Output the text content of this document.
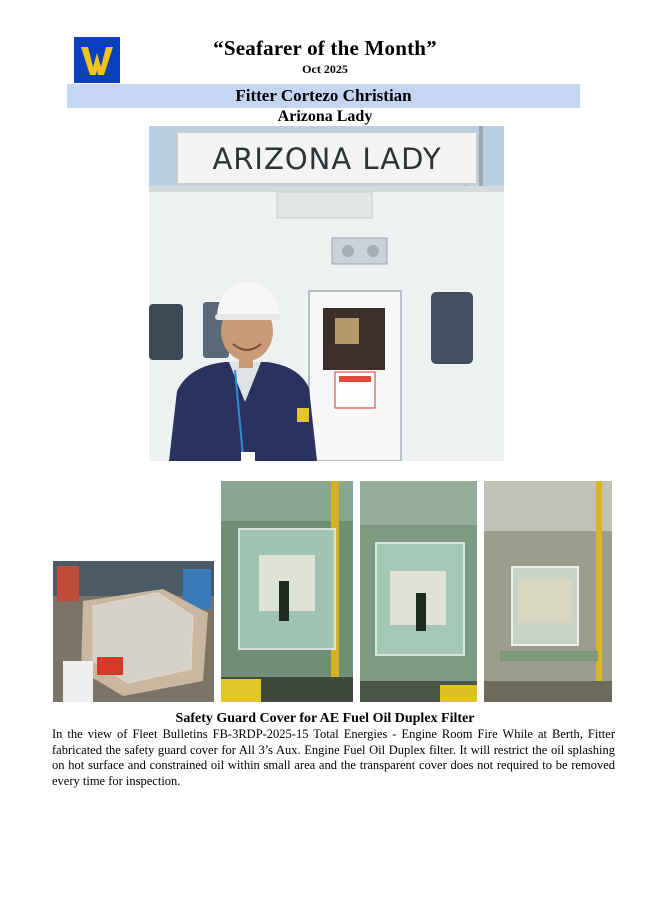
“Seafarer of the Month”
Oct 2025
Fitter Cortezo Christian
Arizona Lady
ARIZONA LADY
Safety Guard Cover for AE Fuel Oil Duplex Filter
In the view of Fleet Bulletins FB-3RDP-2025-15 Total Energies - Engine Room Fire While at Berth, Fitter fabricated the safety guard cover for All 3’s Aux. Engine Fuel Oil Duplex filter. It will restrict the oil splashing on hot surface and constrained oil within small area and the transparent cover does not required to be removed every time for inspection.
